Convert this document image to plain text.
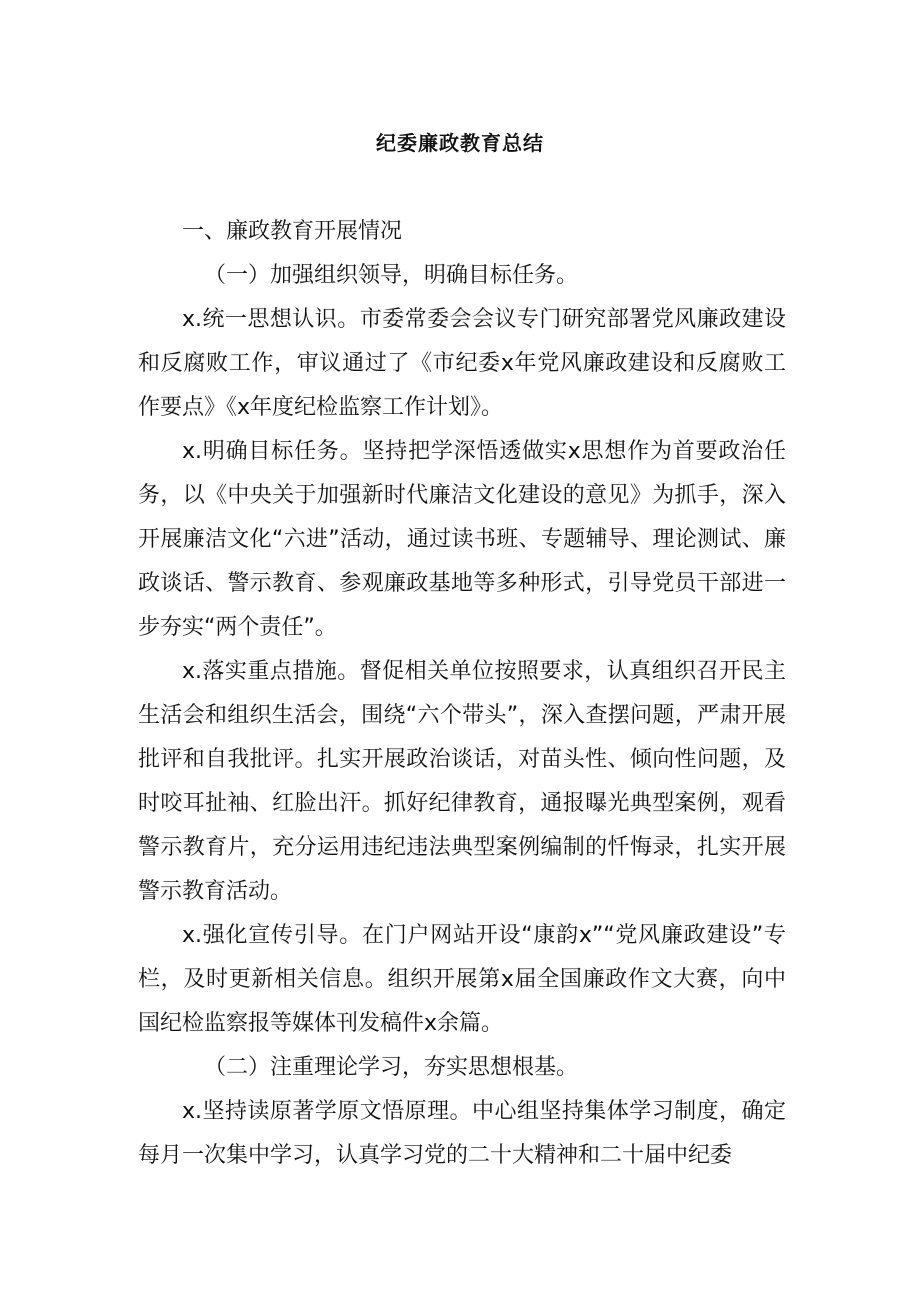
纪委廉政教育总结

一、廉政教育开展情况

（一）加强组织领导，明确目标任务。

x.统一思想认识。市委常委会会议专门研究部署党风廉政建设和反腐败工作，审议通过了《市纪委x年党风廉政建设和反腐败工作要点》《x年度纪检监察工作计划》。

x.明确目标任务。坚持把学深悟透做实x思想作为首要政治任务，以《中央关于加强新时代廉洁文化建设的意见》为抓手，深入开展廉洁文化“六进”活动，通过读书班、专题辅导、理论测试、廉政谈话、警示教育、参观廉政基地等多种形式，引导党员干部进一步夯实“两个责任”。

x.落实重点措施。督促相关单位按照要求，认真组织召开民主生活会和组织生活会，围绕“六个带头”，深入查摆问题，严肃开展批评和自我批评。扎实开展政治谈话，对苗头性、倾向性问题，及时咬耳扯袖、红脸出汗。抓好纪律教育，通报曝光典型案例，观看警示教育片，充分运用违纪违法典型案例编制的忏悔录，扎实开展警示教育活动。

x.强化宣传引导。在门户网站开设“康韵x”“党风廉政建设”专栏，及时更新相关信息。组织开展第x届全国廉政作文大赛，向中国纪检监察报等媒体刊发稿件x余篇。

（二）注重理论学习，夯实思想根基。

x.坚持读原著学原文悟原理。中心组坚持集体学习制度，确定每月一次集中学习，认真学习党的二十大精神和二十届中纪委
